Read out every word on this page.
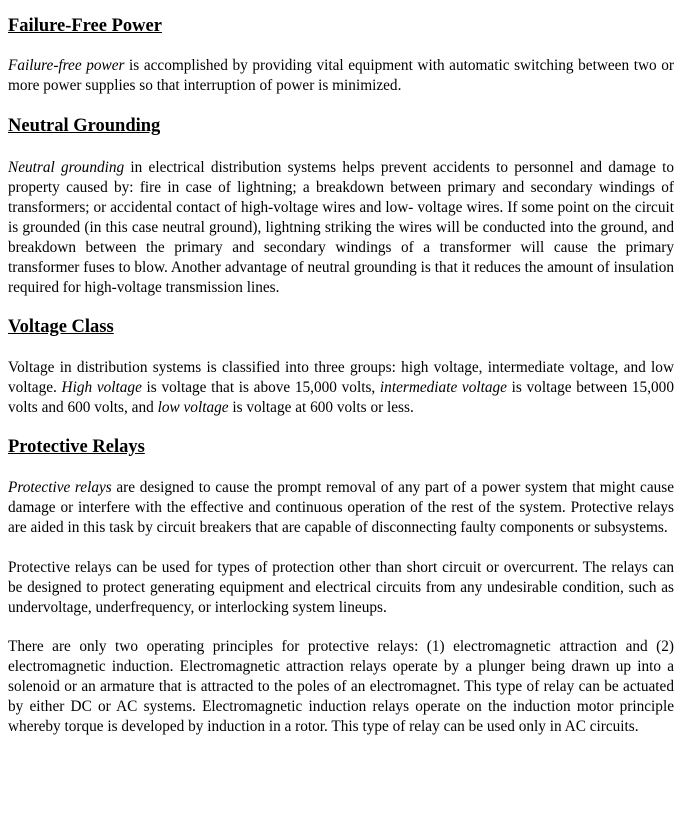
Failure-Free Power

Failure-free power is accomplished by providing vital equipment with automatic switching between two or more power supplies so that interruption of power is minimized.

Neutral Grounding

Neutral grounding in electrical distribution systems helps prevent accidents to personnel and damage to property caused by: fire in case of lightning; a breakdown between primary and secondary windings of transformers; or accidental contact of high-voltage wires and low- voltage wires. If some point on the circuit is grounded (in this case neutral ground), lightning striking the wires will be conducted into the ground, and breakdown between the primary and secondary windings of a transformer will cause the primary transformer fuses to blow. Another advantage of neutral grounding is that it reduces the amount of insulation required for high-voltage transmission lines.

Voltage Class

Voltage in distribution systems is classified into three groups: high voltage, intermediate voltage, and low voltage. High voltage is voltage that is above 15,000 volts, intermediate voltage is voltage between 15,000 volts and 600 volts, and low voltage is voltage at 600 volts or less.

Protective Relays

Protective relays are designed to cause the prompt removal of any part of a power system that might cause damage or interfere with the effective and continuous operation of the rest of the system. Protective relays are aided in this task by circuit breakers that are capable of disconnecting faulty components or subsystems.

Protective relays can be used for types of protection other than short circuit or overcurrent. The relays can be designed to protect generating equipment and electrical circuits from any undesirable condition, such as undervoltage, underfrequency, or interlocking system lineups.

There are only two operating principles for protective relays: (1) electromagnetic attraction and (2) electromagnetic induction. Electromagnetic attraction relays operate by a plunger being drawn up into a solenoid or an armature that is attracted to the poles of an electromagnet. This type of relay can be actuated by either DC or AC systems. Electromagnetic induction relays operate on the induction motor principle whereby torque is developed by induction in a rotor. This type of relay can be used only in AC circuits.
